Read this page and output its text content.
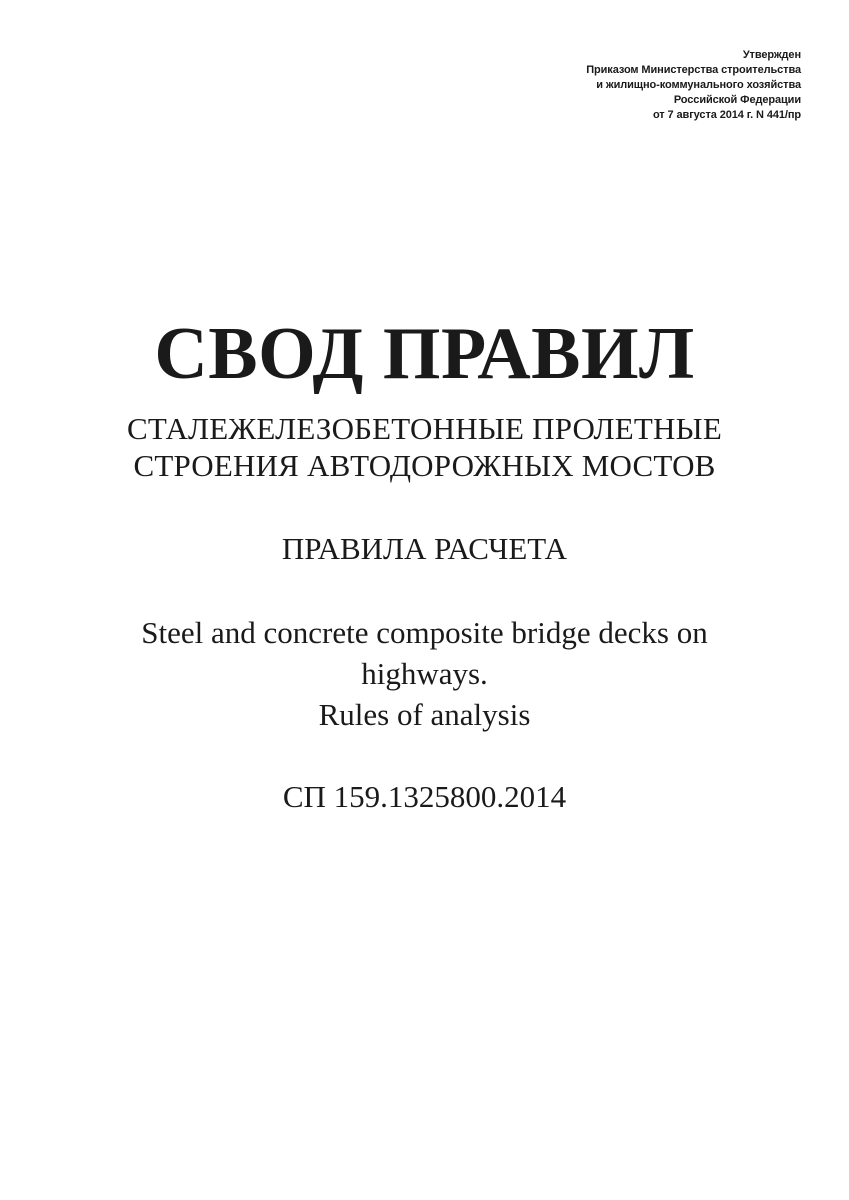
Утвержден
Приказом Министерства строительства
и жилищно-коммунального хозяйства
Российской Федерации
от 7 августа 2014 г. N 441/пр
СВОД ПРАВИЛ
СТАЛЕЖЕЛЕЗОБЕТОННЫЕ ПРОЛЕТНЫЕ
СТРОЕНИЯ АВТОДОРОЖНЫХ МОСТОВ
ПРАВИЛА РАСЧЕТА
Steel and concrete composite bridge decks on
highways.
Rules of analysis
СП 159.1325800.2014
